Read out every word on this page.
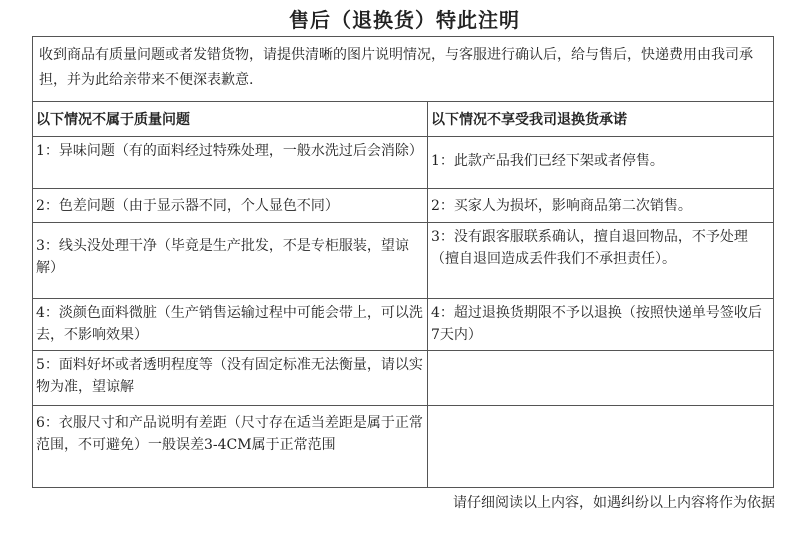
售后（退换货）特此注明
收到商品有质量问题或者发错货物，请提供清晰的图片说明情况，与客服进行确认后，给与售后，快递费用由我司承担，并为此给亲带来不便深表歉意.
以下情况不属于质量问题	以下情况不享受我司退换货承诺
1：异味问题（有的面料经过特殊处理，一般水洗过后会消除）
1：此款产品我们已经下架或者停售。
2：色差问题（由于显示器不同，个人显色不同）	2：买家人为损坏，影响商品第二次销售。
3：线头没处理干净（毕竟是生产批发，不是专柜服装，望谅解）
3：没有跟客服联系确认，擅自退回物品，不予处理（擅自退回造成丢件我们不承担责任）。
4：淡颜色面料微脏（生产销售运输过程中可能会带上，可以洗去，不影响效果）
4：超过退换货期限不予以退换（按照快递单号签收后7天内）
5：面料好坏或者透明程度等（没有固定标准无法衡量，请以实物为准，望谅解
6：衣服尺寸和产品说明有差距（尺寸存在适当差距是属于正常范围，不可避免）一般误差3-4CM属于正常范围
请仔细阅读以上内容，如遇纠纷以上内容将作为依据
